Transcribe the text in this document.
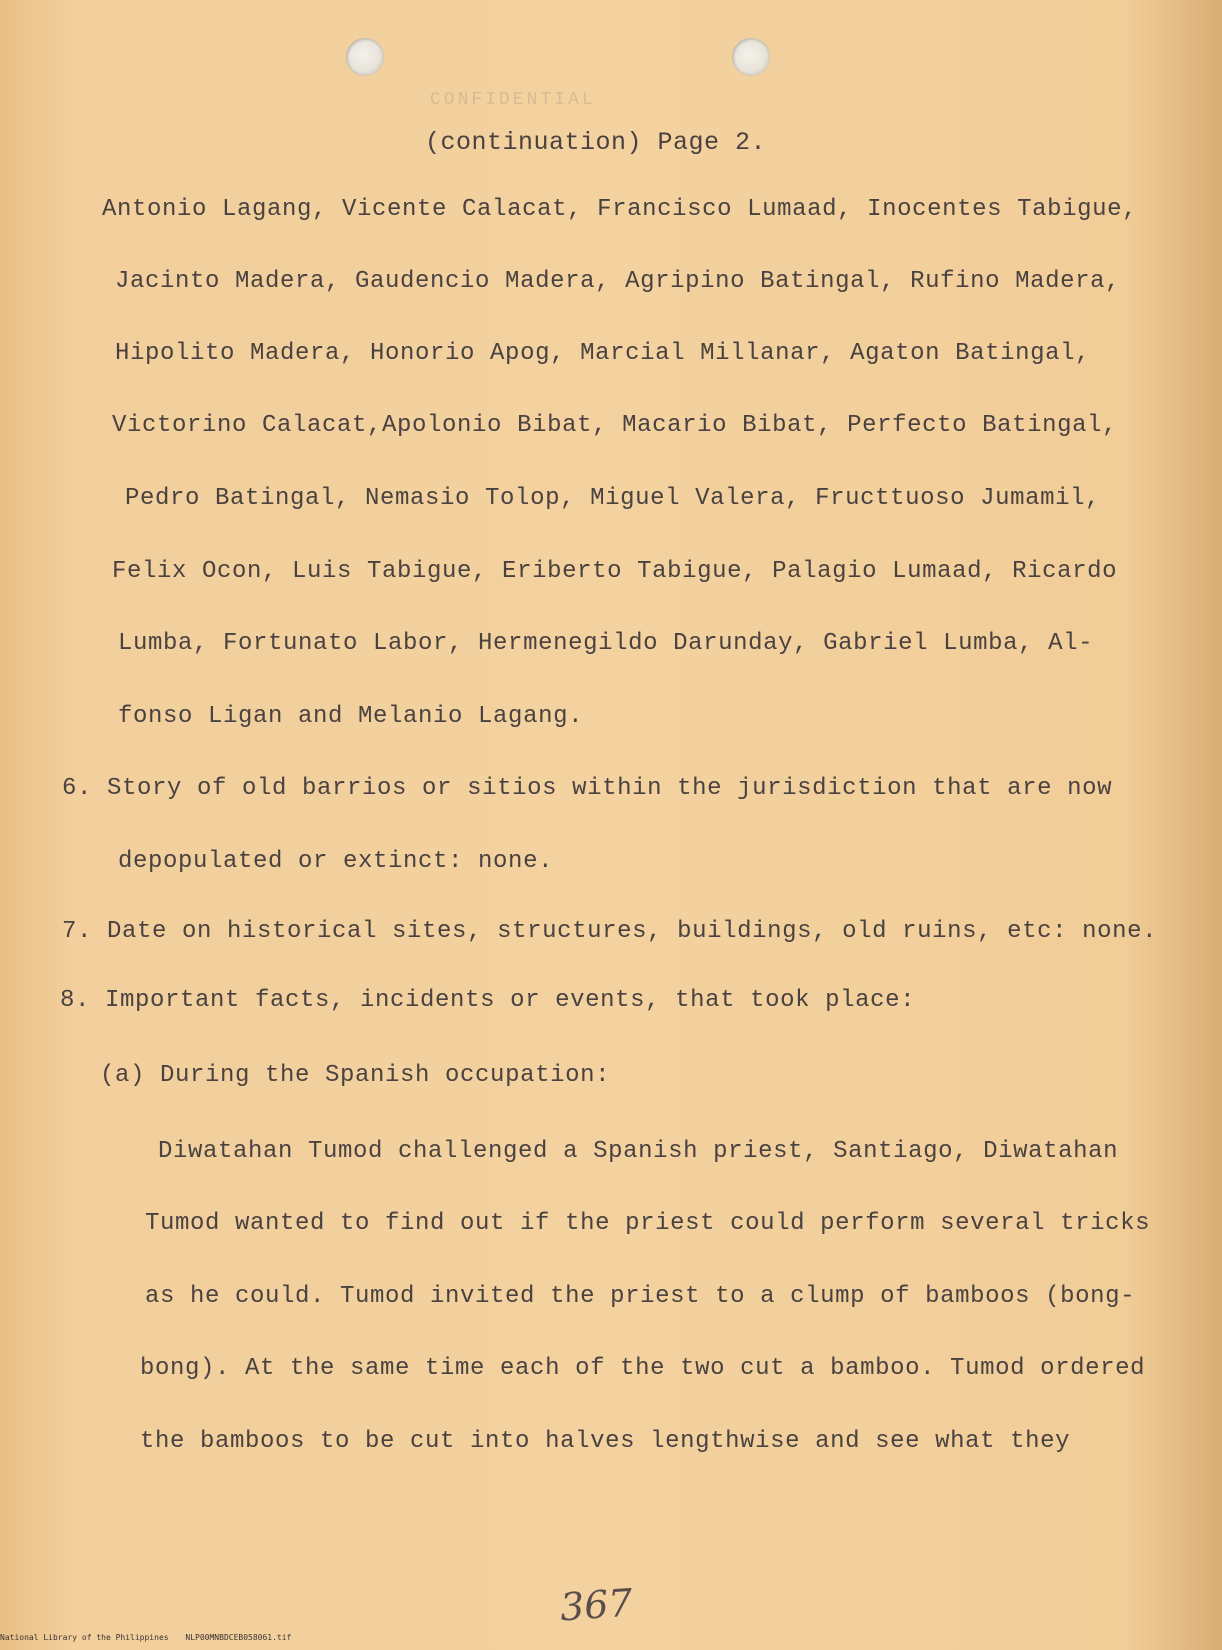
CONFIDENTIAL
(continuation) Page 2.
Antonio Lagang, Vicente Calacat, Francisco Lumaad, Inocentes Tabigue,
Jacinto Madera, Gaudencio Madera, Agripino Batingal, Rufino Madera,
Hipolito Madera, Honorio Apog, Marcial Millanar, Agaton Batingal,
Victorino Calacat,Apolonio Bibat, Macario Bibat, Perfecto Batingal,
Pedro Batingal, Nemasio Tolop, Miguel Valera, Fructtuoso Jumamil,
Felix Ocon, Luis Tabigue, Eriberto Tabigue, Palagio Lumaad, Ricardo
Lumba, Fortunato Labor, Hermenegildo Darunday, Gabriel Lumba, Al-
fonso Ligan and Melanio Lagang.
6. Story of old barrios or sitios within the jurisdiction that are now
depopulated or extinct: none.
7. Date on historical sites, structures, buildings, old ruins, etc: none.
8. Important facts, incidents or events, that took place:
(a) During the Spanish occupation:
Diwatahan Tumod challenged a Spanish priest, Santiago, Diwatahan
Tumod wanted to find out if the priest could perform several tricks
as he could. Tumod invited the priest to a clump of bamboos (bong-
bong). At the same time each of the two cut a bamboo. Tumod ordered
the bamboos to be cut into halves lengthwise and see what they
367
National Library of the Philippines NLP00MNBDCEB058061.tif
